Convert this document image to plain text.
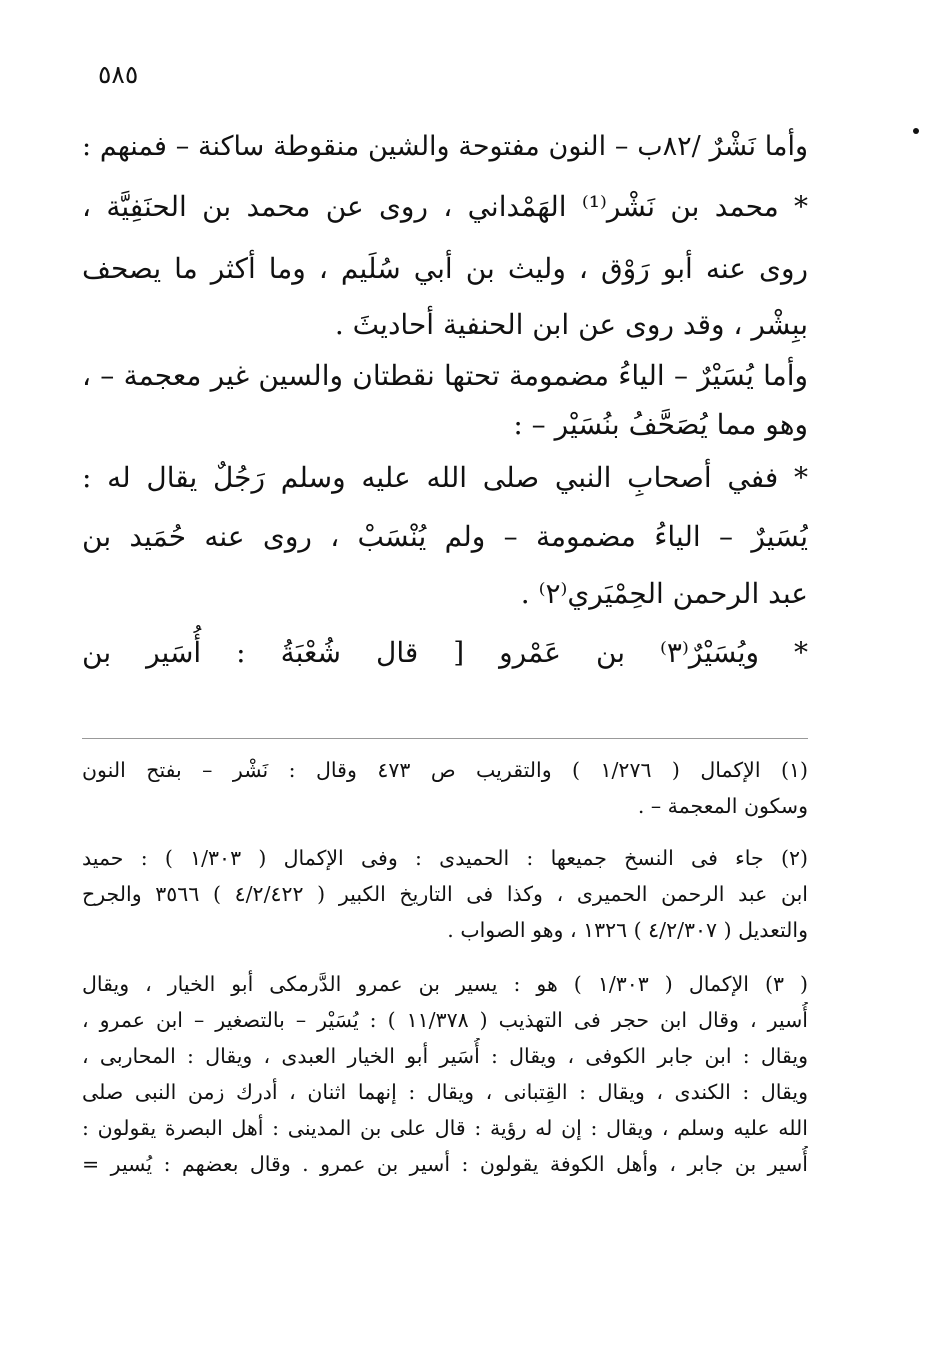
٥٨٥
وأما نَشْرٌ /٨٢ب – النون مفتوحة والشين منقوطة ساكنة – فمنهم :
* محمد بن نَشْر⁽¹⁾ الهَمْداني ، روى عن محمد بن الحنَفِيَّة ،
روى عنه أبو رَوْق ، وليث بن أبي سُلَيم ، وما أكثر ما يصحف
ببِشْر ، وقد روى عن ابن الحنفية أحاديثَ .
وأما يُسَيْرٌ – الياءُ مضمومة تحتها نقطتان والسين غير معجمة – ،
وهو مما يُصَحَّفُ بنُسَيْر – :
* ففي أصحابِ النبي صلى الله عليه وسلم رَجُلٌ يقال له :
يُسَيرٌ – الياءُ مضمومة – ولم يُنْسَبْ ، روى عنه حُمَيد بن
عبد الرحمن الحِمْيَري⁽٢⁾ .
* ويُسَيْرٌ⁽٣⁾ بن عَمْرو [ قال شُعْبَةُ : أُسَير بن
(١) الإكمال ( ١/٢٧٦ ) والتقريب ص ٤٧٣ وقال : نَشْر – بفتح النون
وسكون المعجمة – .
(٢) جاء فى النسخ جميعها : الحميدى : وفى الإكمال ( ١/٣٠٣ ) : حميد
ابن عبد الرحمن الحميرى ، وكذا فى التاريخ الكبير ( ٤/٢/٤٢٢ ) ٣٥٦٦ والجرح
والتعديل ( ٤/٢/٣٠٧ ) ١٣٢٦ ، وهو الصواب .
( ٣) الإكمال ( ١/٣٠٣ ) هو : يسير بن عمرو الدَّرمكى أبو الخيار ، ويقال
أُسير ، وقال ابن حجر فى التهذيب ( ١١/٣٧٨ ) : يُسَيْر – بالتصغير – ابن عمرو ،
ويقال : ابن جابر الكوفى ، ويقال : أُسَير أبو الخيار العبدى ، ويقال : المحاربى ،
ويقال : الكندى ، ويقال : القِتبانى ، ويقال : إنهما اثنان ، أدرك زمن النبى صلى
الله عليه وسلم ، ويقال : إن له رؤية : قال على بن المدينى : أهل البصرة يقولون :
أُسير بن جابر ، وأهل الكوفة يقولون : أسير بن عمرو . وقال بعضهم : يُسير =
